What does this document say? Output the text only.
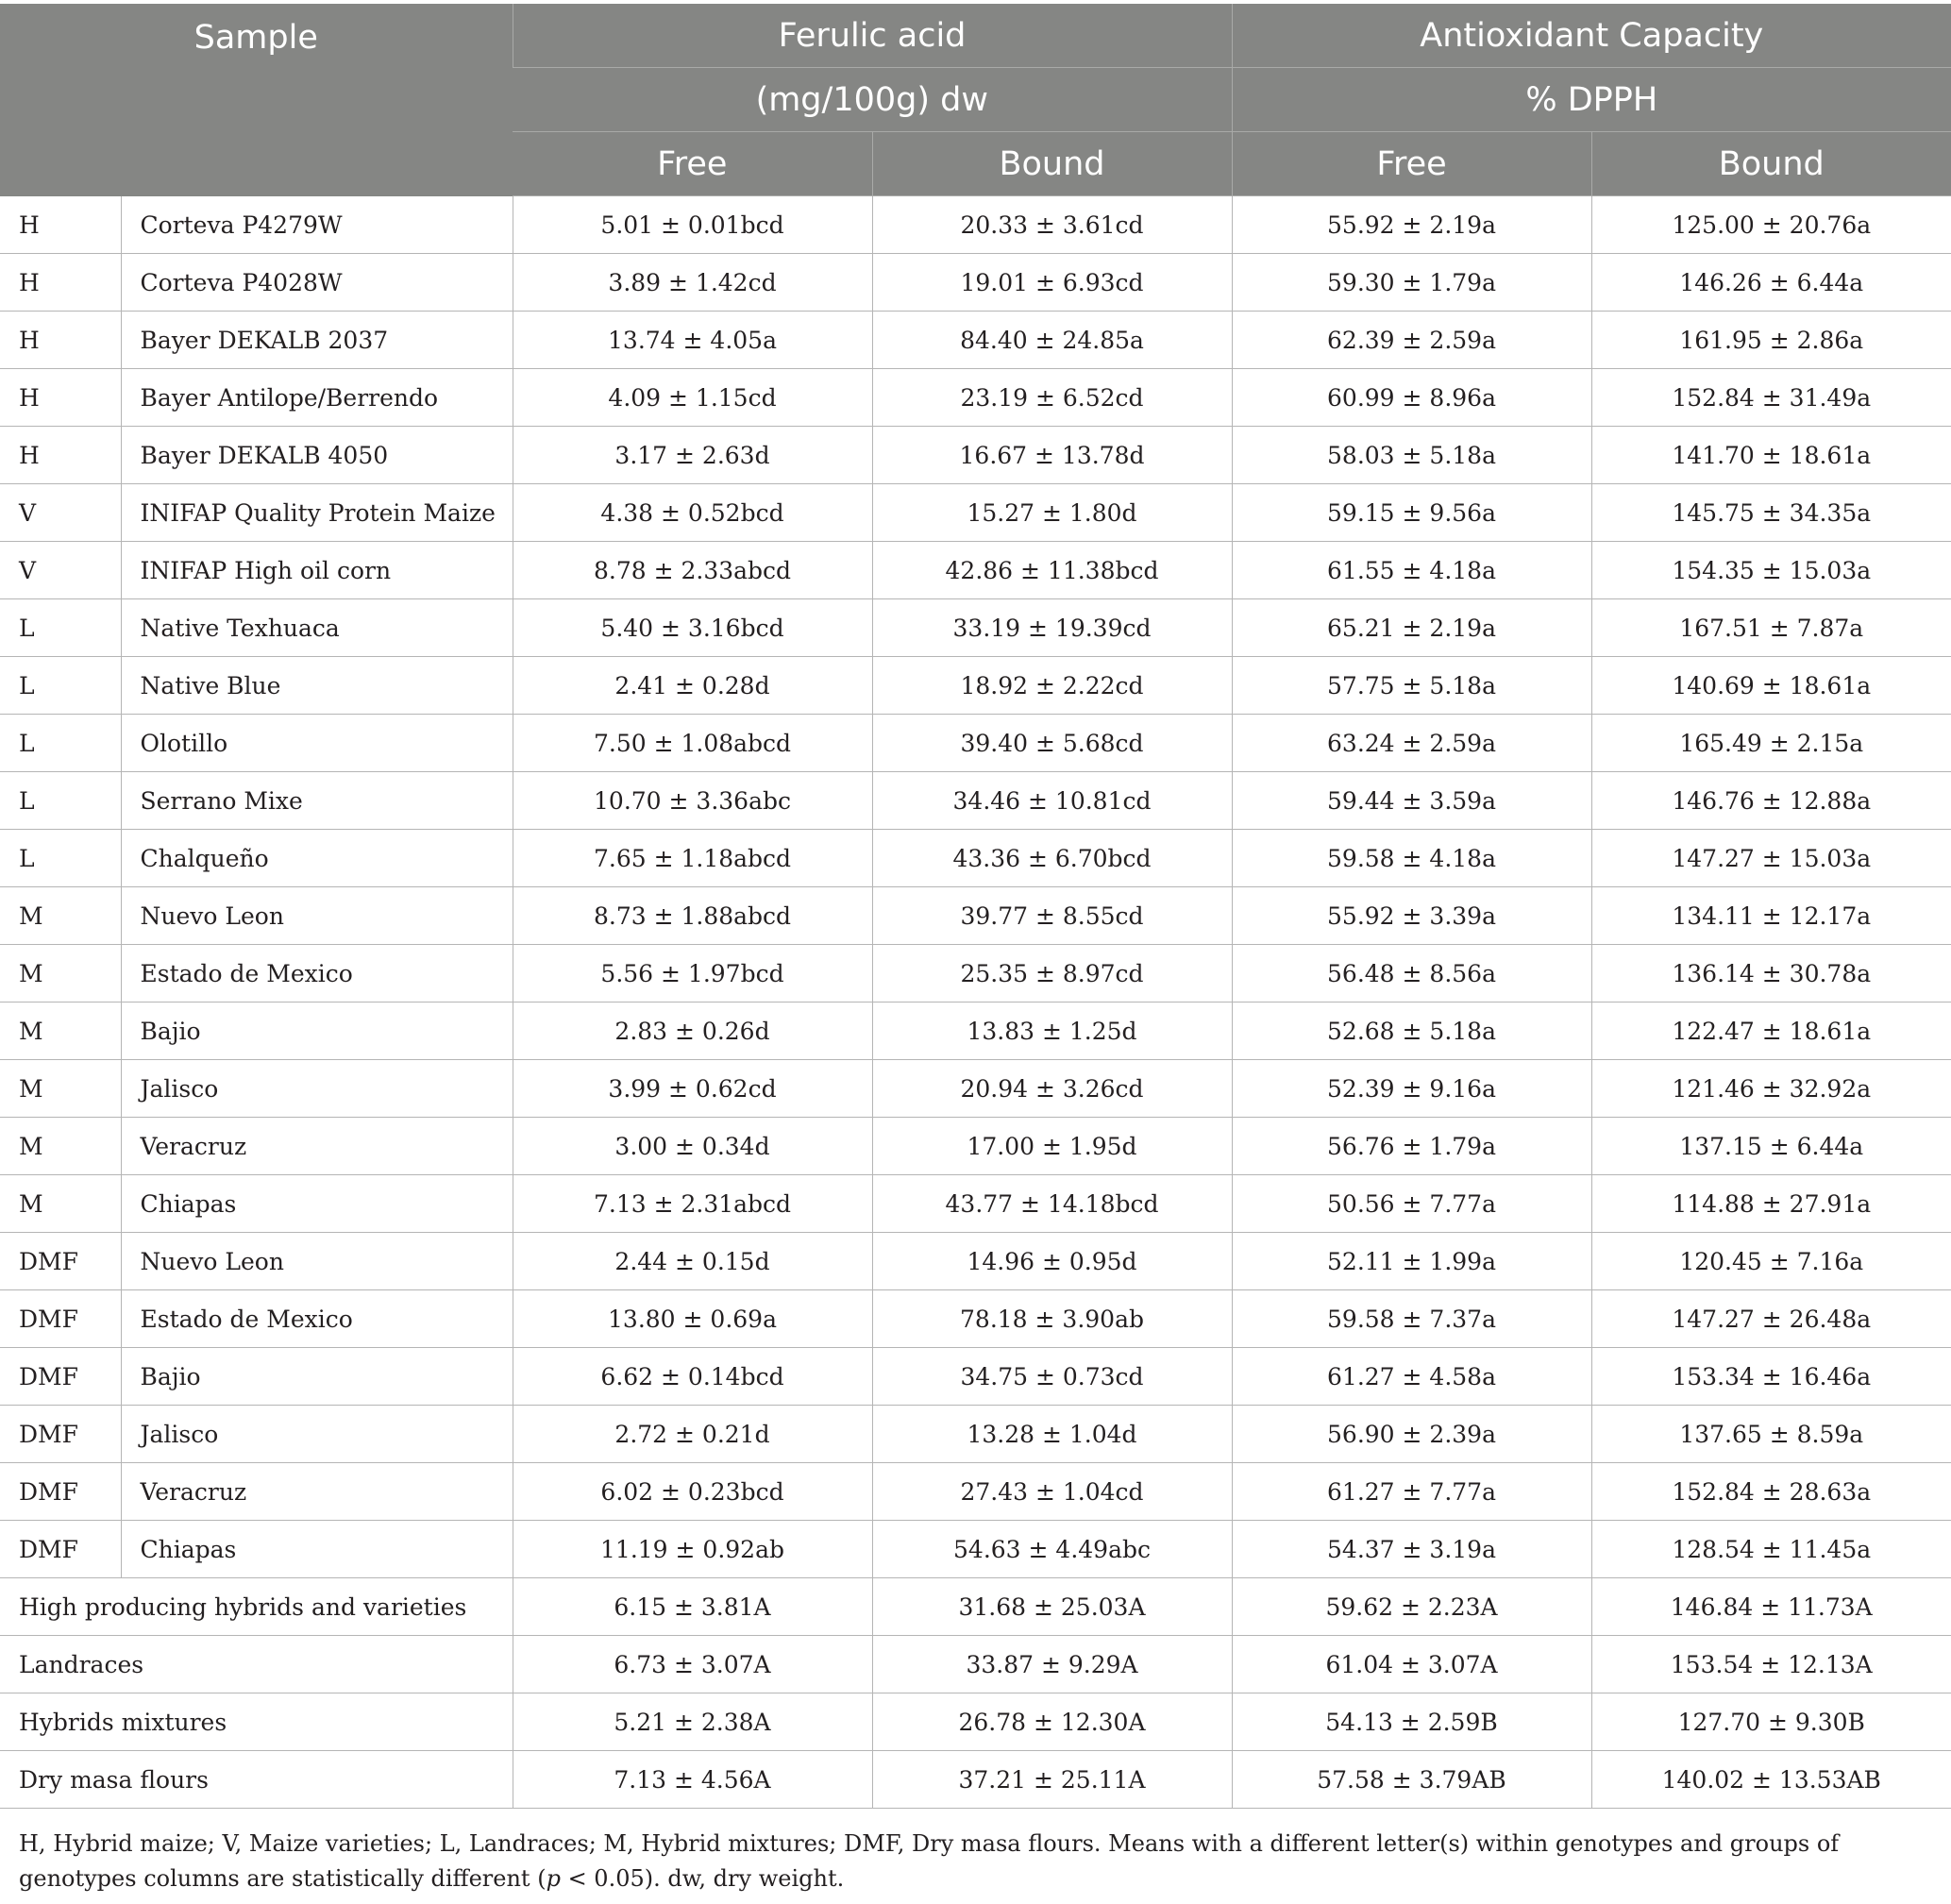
Sample		Ferulic acid		Antioxidant Capacity	
		(mg/100g) dw		% DPPH	
		Free	Bound	Free	Bound
H	Corteva P4279W	5.01 ± 0.01bcd	20.33 ± 3.61cd	55.92 ± 2.19a	125.00 ± 20.76a
H	Corteva P4028W	3.89 ± 1.42cd	19.01 ± 6.93cd	59.30 ± 1.79a	146.26 ± 6.44a
H	Bayer DEKALB 2037	13.74 ± 4.05a	84.40 ± 24.85a	62.39 ± 2.59a	161.95 ± 2.86a
H	Bayer Antilope/Berrendo	4.09 ± 1.15cd	23.19 ± 6.52cd	60.99 ± 8.96a	152.84 ± 31.49a
H	Bayer DEKALB 4050	3.17 ± 2.63d	16.67 ± 13.78d	58.03 ± 5.18a	141.70 ± 18.61a
V	INIFAP Quality Protein Maize	4.38 ± 0.52bcd	15.27 ± 1.80d	59.15 ± 9.56a	145.75 ± 34.35a
V	INIFAP High oil corn	8.78 ± 2.33abcd	42.86 ± 11.38bcd	61.55 ± 4.18a	154.35 ± 15.03a
L	Native Texhuaca	5.40 ± 3.16bcd	33.19 ± 19.39cd	65.21 ± 2.19a	167.51 ± 7.87a
L	Native Blue	2.41 ± 0.28d	18.92 ± 2.22cd	57.75 ± 5.18a	140.69 ± 18.61a
L	Olotillo	7.50 ± 1.08abcd	39.40 ± 5.68cd	63.24 ± 2.59a	165.49 ± 2.15a
L	Serrano Mixe	10.70 ± 3.36abc	34.46 ± 10.81cd	59.44 ± 3.59a	146.76 ± 12.88a
L	Chalqueño	7.65 ± 1.18abcd	43.36 ± 6.70bcd	59.58 ± 4.18a	147.27 ± 15.03a
M	Nuevo Leon	8.73 ± 1.88abcd	39.77 ± 8.55cd	55.92 ± 3.39a	134.11 ± 12.17a
M	Estado de Mexico	5.56 ± 1.97bcd	25.35 ± 8.97cd	56.48 ± 8.56a	136.14 ± 30.78a
M	Bajio	2.83 ± 0.26d	13.83 ± 1.25d	52.68 ± 5.18a	122.47 ± 18.61a
M	Jalisco	3.99 ± 0.62cd	20.94 ± 3.26cd	52.39 ± 9.16a	121.46 ± 32.92a
M	Veracruz	3.00 ± 0.34d	17.00 ± 1.95d	56.76 ± 1.79a	137.15 ± 6.44a
M	Chiapas	7.13 ± 2.31abcd	43.77 ± 14.18bcd	50.56 ± 7.77a	114.88 ± 27.91a
DMF	Nuevo Leon	2.44 ± 0.15d	14.96 ± 0.95d	52.11 ± 1.99a	120.45 ± 7.16a
DMF	Estado de Mexico	13.80 ± 0.69a	78.18 ± 3.90ab	59.58 ± 7.37a	147.27 ± 26.48a
DMF	Bajio	6.62 ± 0.14bcd	34.75 ± 0.73cd	61.27 ± 4.58a	153.34 ± 16.46a
DMF	Jalisco	2.72 ± 0.21d	13.28 ± 1.04d	56.90 ± 2.39a	137.65 ± 8.59a
DMF	Veracruz	6.02 ± 0.23bcd	27.43 ± 1.04cd	61.27 ± 7.77a	152.84 ± 28.63a
DMF	Chiapas	11.19 ± 0.92ab	54.63 ± 4.49abc	54.37 ± 3.19a	128.54 ± 11.45a
High producing hybrids and varieties		6.15 ± 3.81A	31.68 ± 25.03A	59.62 ± 2.23A	146.84 ± 11.73A
Landraces		6.73 ± 3.07A	33.87 ± 9.29A	61.04 ± 3.07A	153.54 ± 12.13A
Hybrids mixtures		5.21 ± 2.38A	26.78 ± 12.30A	54.13 ± 2.59B	127.70 ± 9.30B
Dry masa flours		7.13 ± 4.56A	37.21 ± 25.11A	57.58 ± 3.79AB	140.02 ± 13.53AB

H, Hybrid maize; V, Maize varieties; L, Landraces; M, Hybrid mixtures; DMF, Dry masa flours. Means with a different letter(s) within genotypes and groups of genotypes columns are statistically different (p < 0.05). dw, dry weight.
